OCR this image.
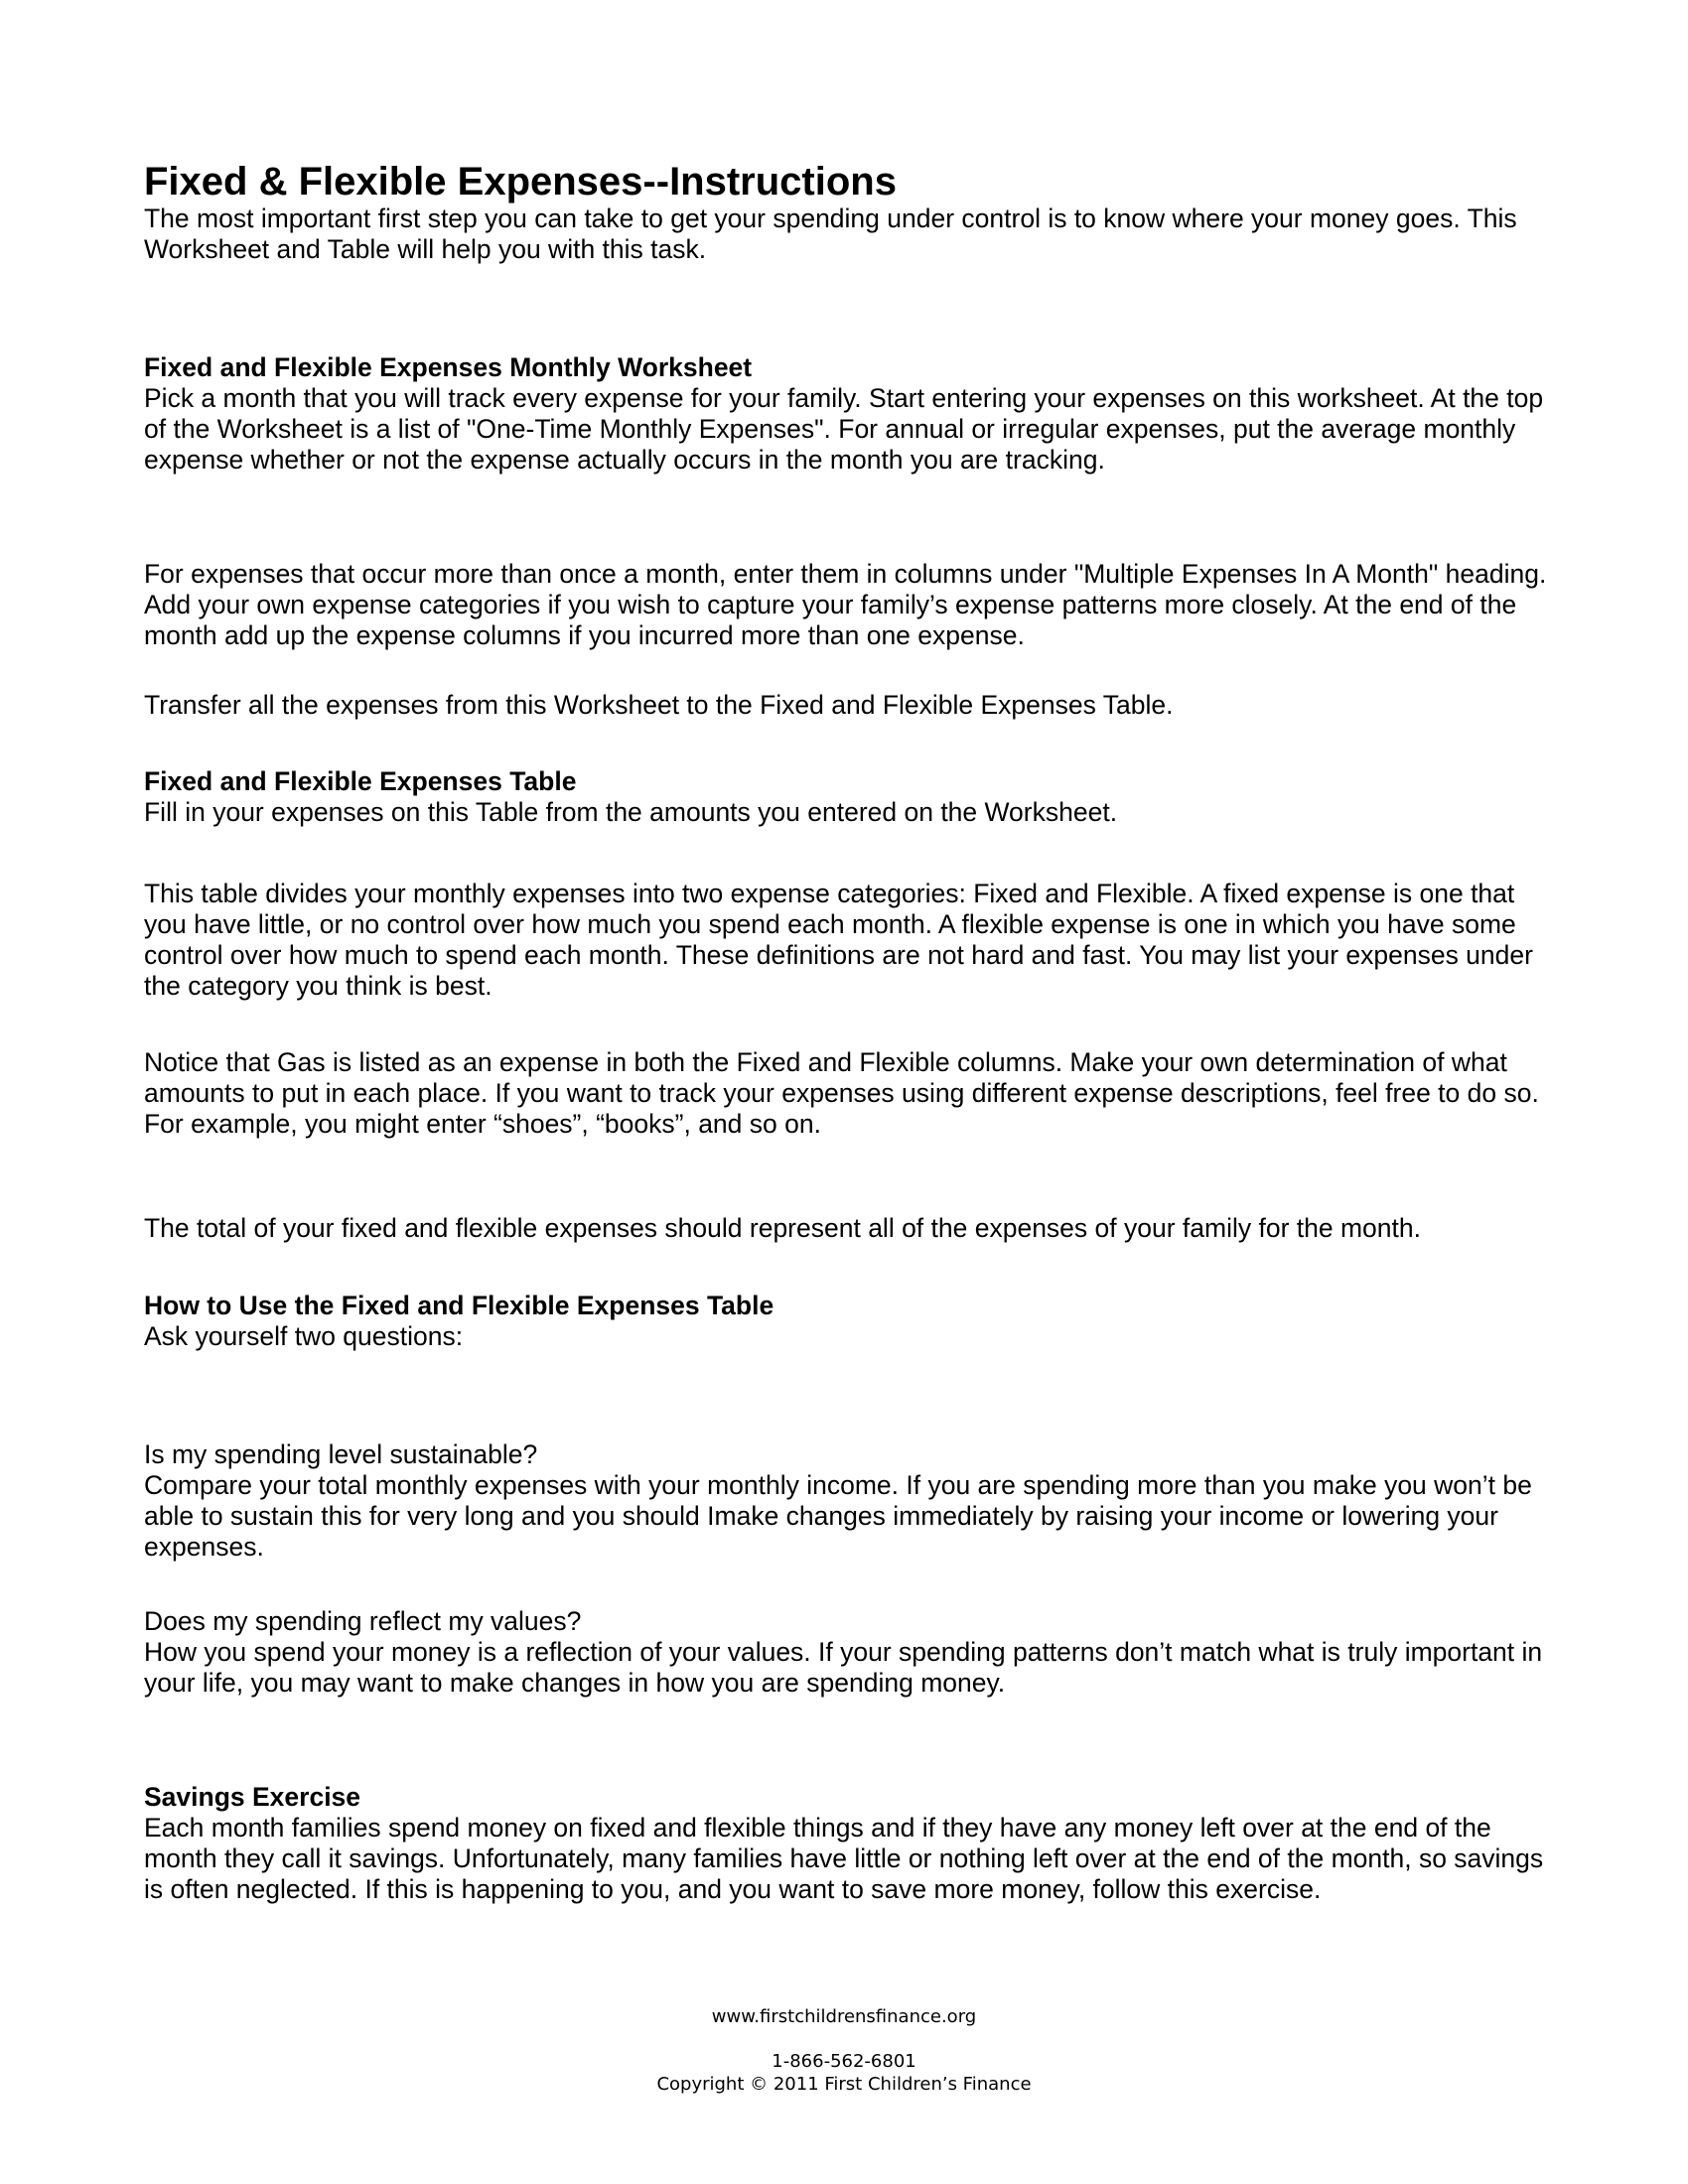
Fixed & Flexible Expenses--Instructions

The most important first step you can take to get your spending under control is to know where your money goes. This Worksheet and Table will help you with this task.

Fixed and Flexible Expenses Monthly Worksheet

Pick a month that you will track every expense for your family. Start entering your expenses on this worksheet. At the top of the Worksheet is a list of "One-Time Monthly Expenses". For annual or irregular expenses, put the average monthly expense whether or not the expense actually occurs in the month you are tracking.

For expenses that occur more than once a month, enter them in columns under "Multiple Expenses In A Month" heading. Add your own expense categories if you wish to capture your family’s expense patterns more closely. At the end of the month add up the expense columns if you incurred more than one expense.

Transfer all the expenses from this Worksheet to the Fixed and Flexible Expenses Table.

Fixed and Flexible Expenses Table

Fill in your expenses on this Table from the amounts you entered on the Worksheet.

This table divides your monthly expenses into two expense categories: Fixed and Flexible. A fixed expense is one that you have little, or no control over how much you spend each month. A flexible expense is one in which you have some control over how much to spend each month. These definitions are not hard and fast. You may list your expenses under the category you think is best.

Notice that Gas is listed as an expense in both the Fixed and Flexible columns. Make your own determination of what amounts to put in each place. If you want to track your expenses using different expense descriptions, feel free to do so. For example, you might enter “shoes”, “books”, and so on.

The total of your fixed and flexible expenses should represent all of the expenses of your family for the month.

How to Use the Fixed and Flexible Expenses Table

Ask yourself two questions:

Is my spending level sustainable?

Compare your total monthly expenses with your monthly income. If you are spending more than you make you won’t be able to sustain this for very long and you should Imake changes immediately by raising your income or lowering your expenses.

Does my spending reflect my values?

How you spend your money is a reflection of your values. If your spending patterns don’t match what is truly important in your life, you may want to make changes in how you are spending money.

Savings Exercise

Each month families spend money on fixed and flexible things and if they have any money left over at the end of the month they call it savings. Unfortunately, many families have little or nothing left over at the end of the month, so savings is often neglected. If this is happening to you, and you want to save more money, follow this exercise.

www.firstchildrensfinance.org
1-866-562-6801
Copyright © 2011 First Children’s Finance
